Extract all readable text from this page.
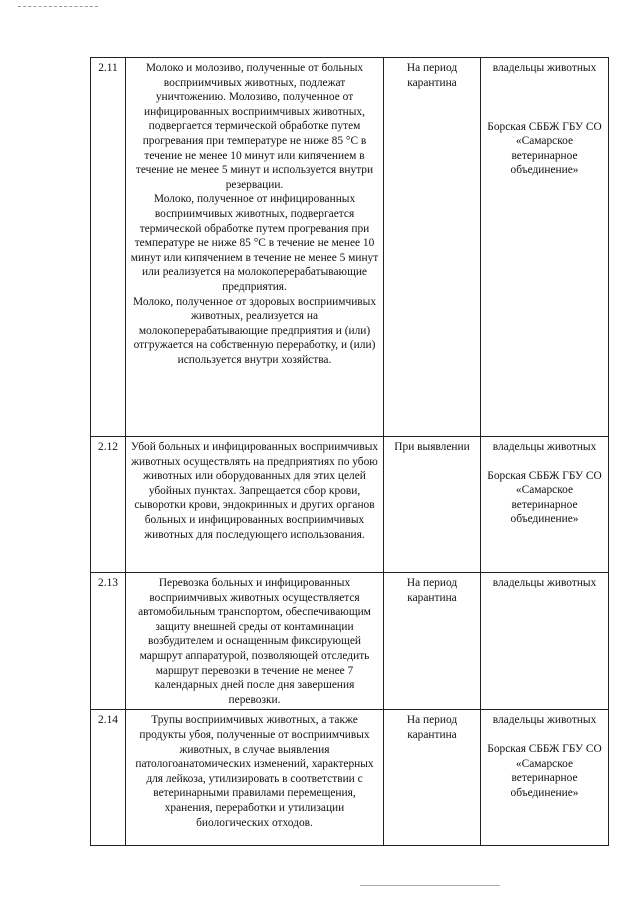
2.11	Молоко и молозиво, полученные от больных восприимчивых животных, подлежат уничтожению. Молозиво, полученное от инфицированных восприимчивых животных, подвергается термической обработке путем прогревания при температуре не ниже 85 °С в течение не менее 10 минут или кипячением в течение не менее 5 минут и используется внутри резервации.
Молоко, полученное от инфицированных восприимчивых животных, подвергается термической обработке путем прогревания при температуре не ниже 85 °С в течение не менее 10 минут или кипячением в течение не менее 5 минут или реализуется на молокоперерабатывающие предприятия.
Молоко, полученное от здоровых восприимчивых животных, реализуется на молокоперерабатывающие предприятия и (или) отгружается на собственную переработку, и (или) используется внутри хозяйства.	На период карантина	владельцы животных
Борская СББЖ ГБУ СО «Самарское ветеринарное объединение»

2.12	Убой больных и инфицированных восприимчивых животных осуществлять на предприятиях по убою животных или оборудованных для этих целей убойных пунктах. Запрещается сбор крови, сыворотки крови, эндокринных и других органов больных и инфицированных восприимчивых животных для последующего использования.	При выявлении	владельцы животных
Борская СББЖ ГБУ СО «Самарское ветеринарное объединение»

2.13	Перевозка больных и инфицированных восприимчивых животных осуществляется автомобильным транспортом, обеспечивающим защиту внешней среды от контаминации возбудителем и оснащенным фиксирующей маршрут аппаратурой, позволяющей отследить маршрут перевозки в течение не менее 7 календарных дней после дня завершения перевозки.	На период карантина	владельцы животных

2.14	Трупы восприимчивых животных, а также продукты убоя, полученные от восприимчивых животных, в случае выявления патологоанатомических изменений, характерных для лейкоза, утилизировать в соответствии с ветеринарными правилами перемещения, хранения, переработки и утилизации биологических отходов.	На период карантина	владельцы животных
Борская СББЖ ГБУ СО «Самарское ветеринарное объединение»
